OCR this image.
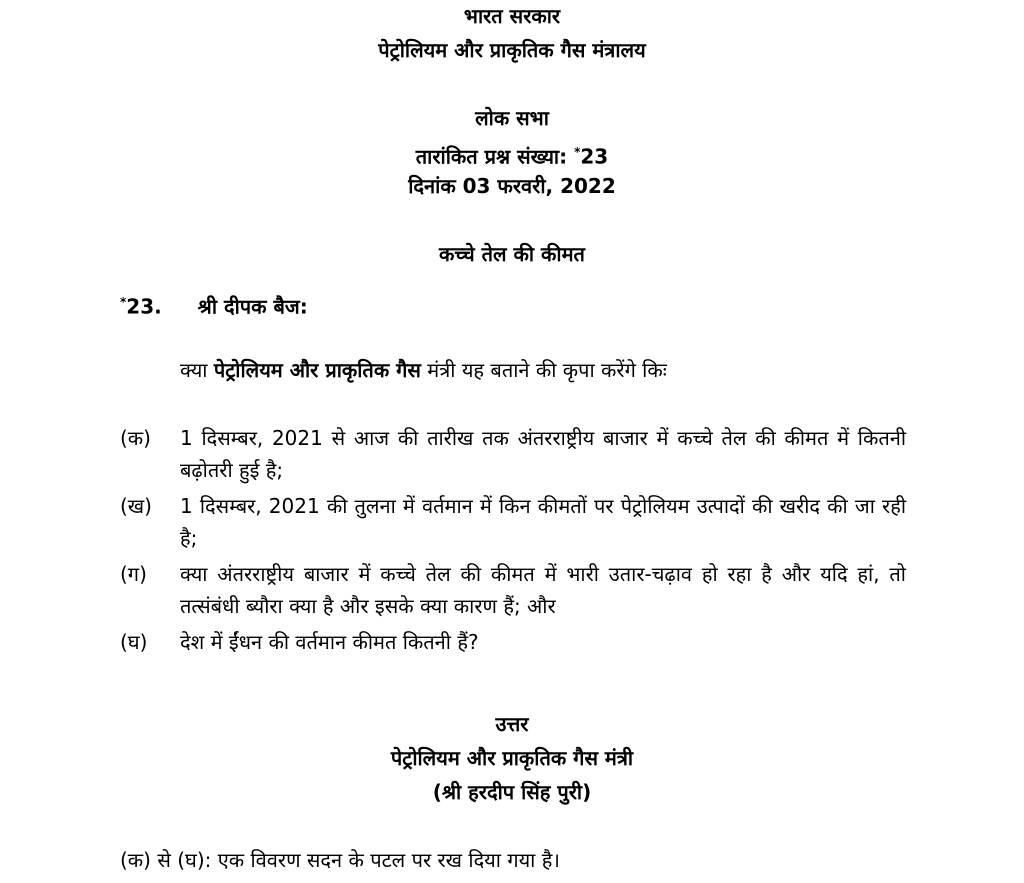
भारत सरकार
पेट्रोलियम और प्राकृतिक गैस मंत्रालय
लोक सभा
तारांकित प्रश्न संख्या: *23
दिनांक 03 फरवरी, 2022
कच्चे तेल की कीमत
*23. श्री दीपक बैज:
क्या पेट्रोलियम और प्राकृतिक गैस मंत्री यह बताने की कृपा करेंगे किः
(क) 1 दिसम्बर, 2021 से आज की तारीख तक अंतरराष्ट्रीय बाजार में कच्चे तेल की कीमत में कितनी बढ़ोतरी हुई है;
(ख) 1 दिसम्बर, 2021 की तुलना में वर्तमान में किन कीमतों पर पेट्रोलियम उत्पादों की खरीद की जा रही है;
(ग) क्या अंतरराष्ट्रीय बाजार में कच्चे तेल की कीमत में भारी उतार-चढ़ाव हो रहा है और यदि हां, तो तत्संबंधी ब्यौरा क्या है और इसके क्या कारण हैं; और
(घ) देश में ईंधन की वर्तमान कीमत कितनी हैं?
उत्तर
पेट्रोलियम और प्राकृतिक गैस मंत्री
(श्री हरदीप सिंह पुरी)
(क) से (घ): एक विवरण सदन के पटल पर रख दिया गया है।
